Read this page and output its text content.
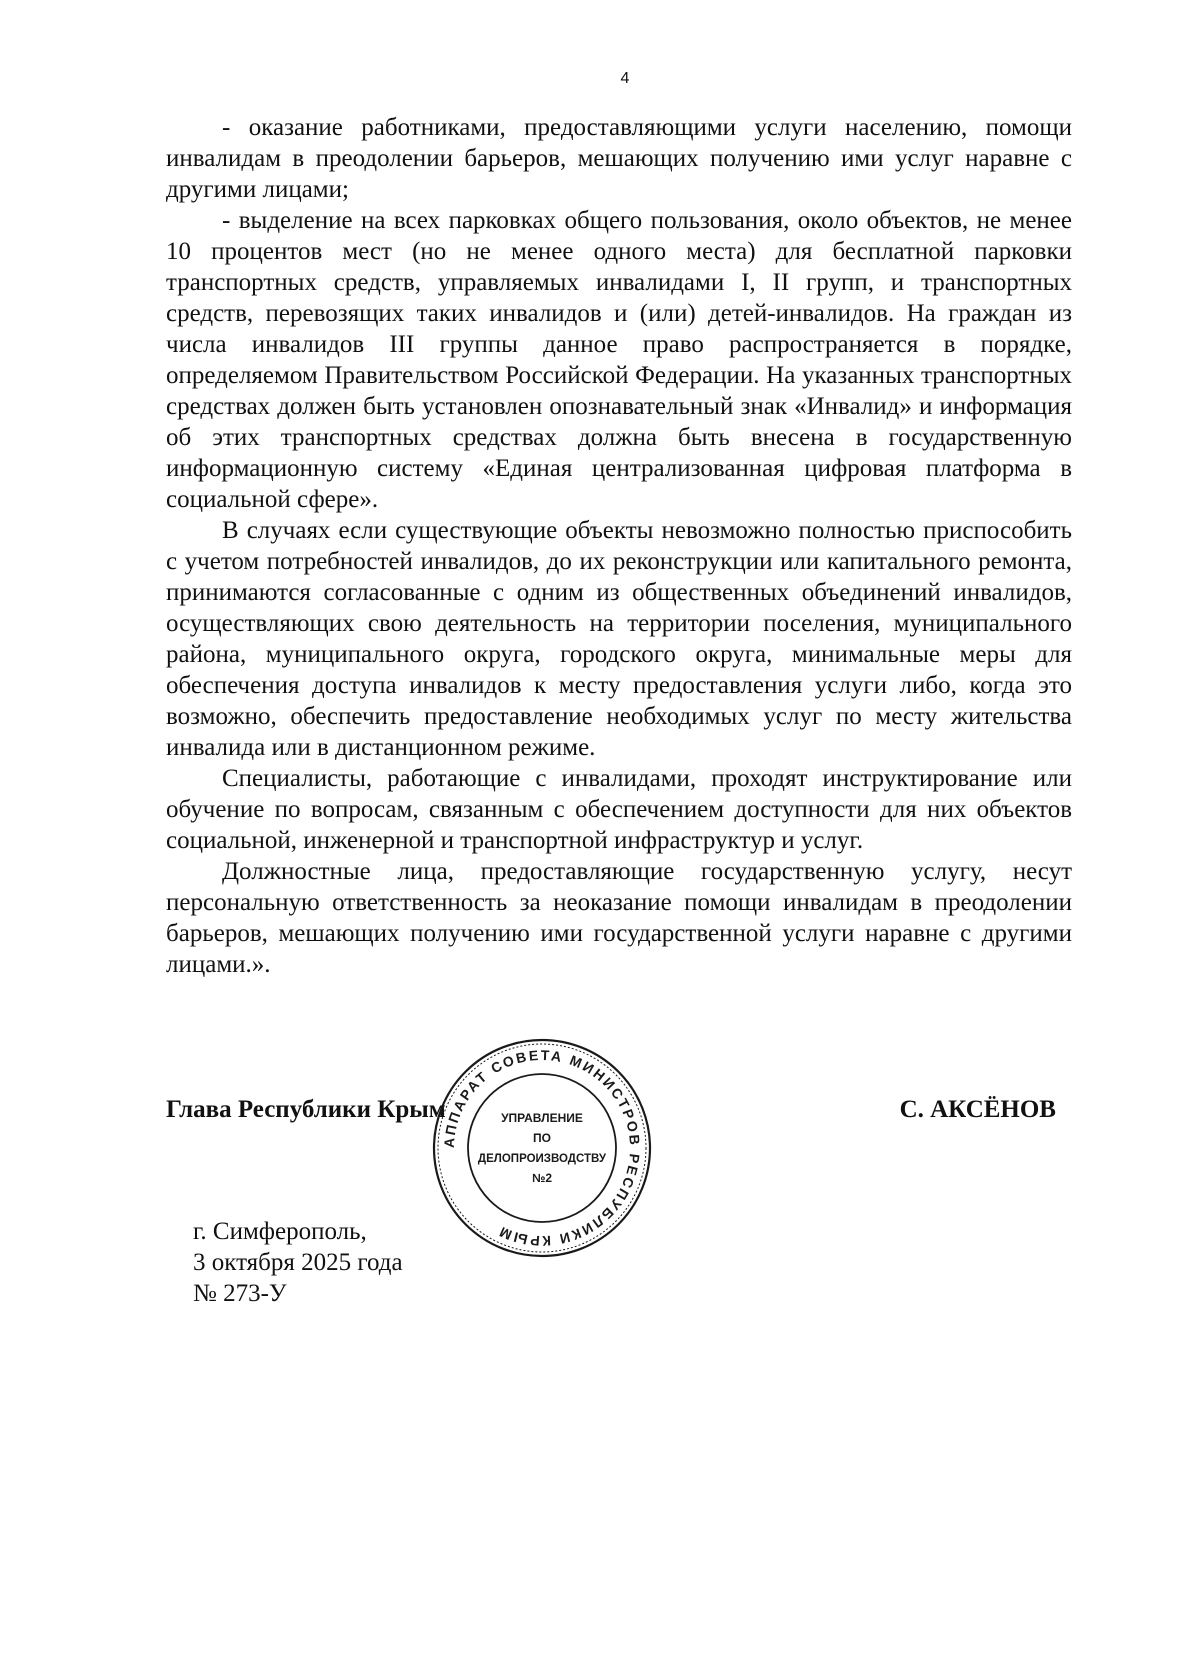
4

- оказание работниками, предоставляющими услуги населению, помощи инвалидам в преодолении барьеров, мешающих получению ими услуг наравне с другими лицами;

- выделение на всех парковках общего пользования, около объектов, не менее 10 процентов мест (но не менее одного места) для бесплатной парковки транспортных средств, управляемых инвалидами I, II групп, и транспортных средств, перевозящих таких инвалидов и (или) детей-инвалидов. На граждан из числа инвалидов III группы данное право распространяется в порядке, определяемом Правительством Российской Федерации. На указанных транспортных средствах должен быть установлен опознавательный знак «Инвалид» и информация об этих транспортных средствах должна быть внесена в государственную информационную систему «Единая централизованная цифровая платформа в социальной сфере».

В случаях если существующие объекты невозможно полностью приспособить с учетом потребностей инвалидов, до их реконструкции или капитального ремонта, принимаются согласованные с одним из общественных объединений инвалидов, осуществляющих свою деятельность на территории поселения, муниципального района, муниципального округа, городского округа, минимальные меры для обеспечения доступа инвалидов к месту предоставления услуги либо, когда это возможно, обеспечить предоставление необходимых услуг по месту жительства инвалида или в дистанционном режиме.

Специалисты, работающие с инвалидами, проходят инструктирование или обучение по вопросам, связанным с обеспечением доступности для них объектов социальной, инженерной и транспортной инфраструктур и услуг.

Должностные лица, предоставляющие государственную услугу, несут персональную ответственность за неоказание помощи инвалидам в преодолении барьеров, мешающих получению ими государственной услуги наравне с другими лицами.».

Глава Республики Крым	С. АКСЁНОВ
г. Симферополь,
3 октября 2025 года
№ 273-У
АППАРАТ СОВЕТА МИНИСТРОВ РЕСПУБЛИКИ КРЫМ
УПРАВЛЕНИЕ
ПО
ДЕЛОПРОИЗВОДСТВУ
№2
